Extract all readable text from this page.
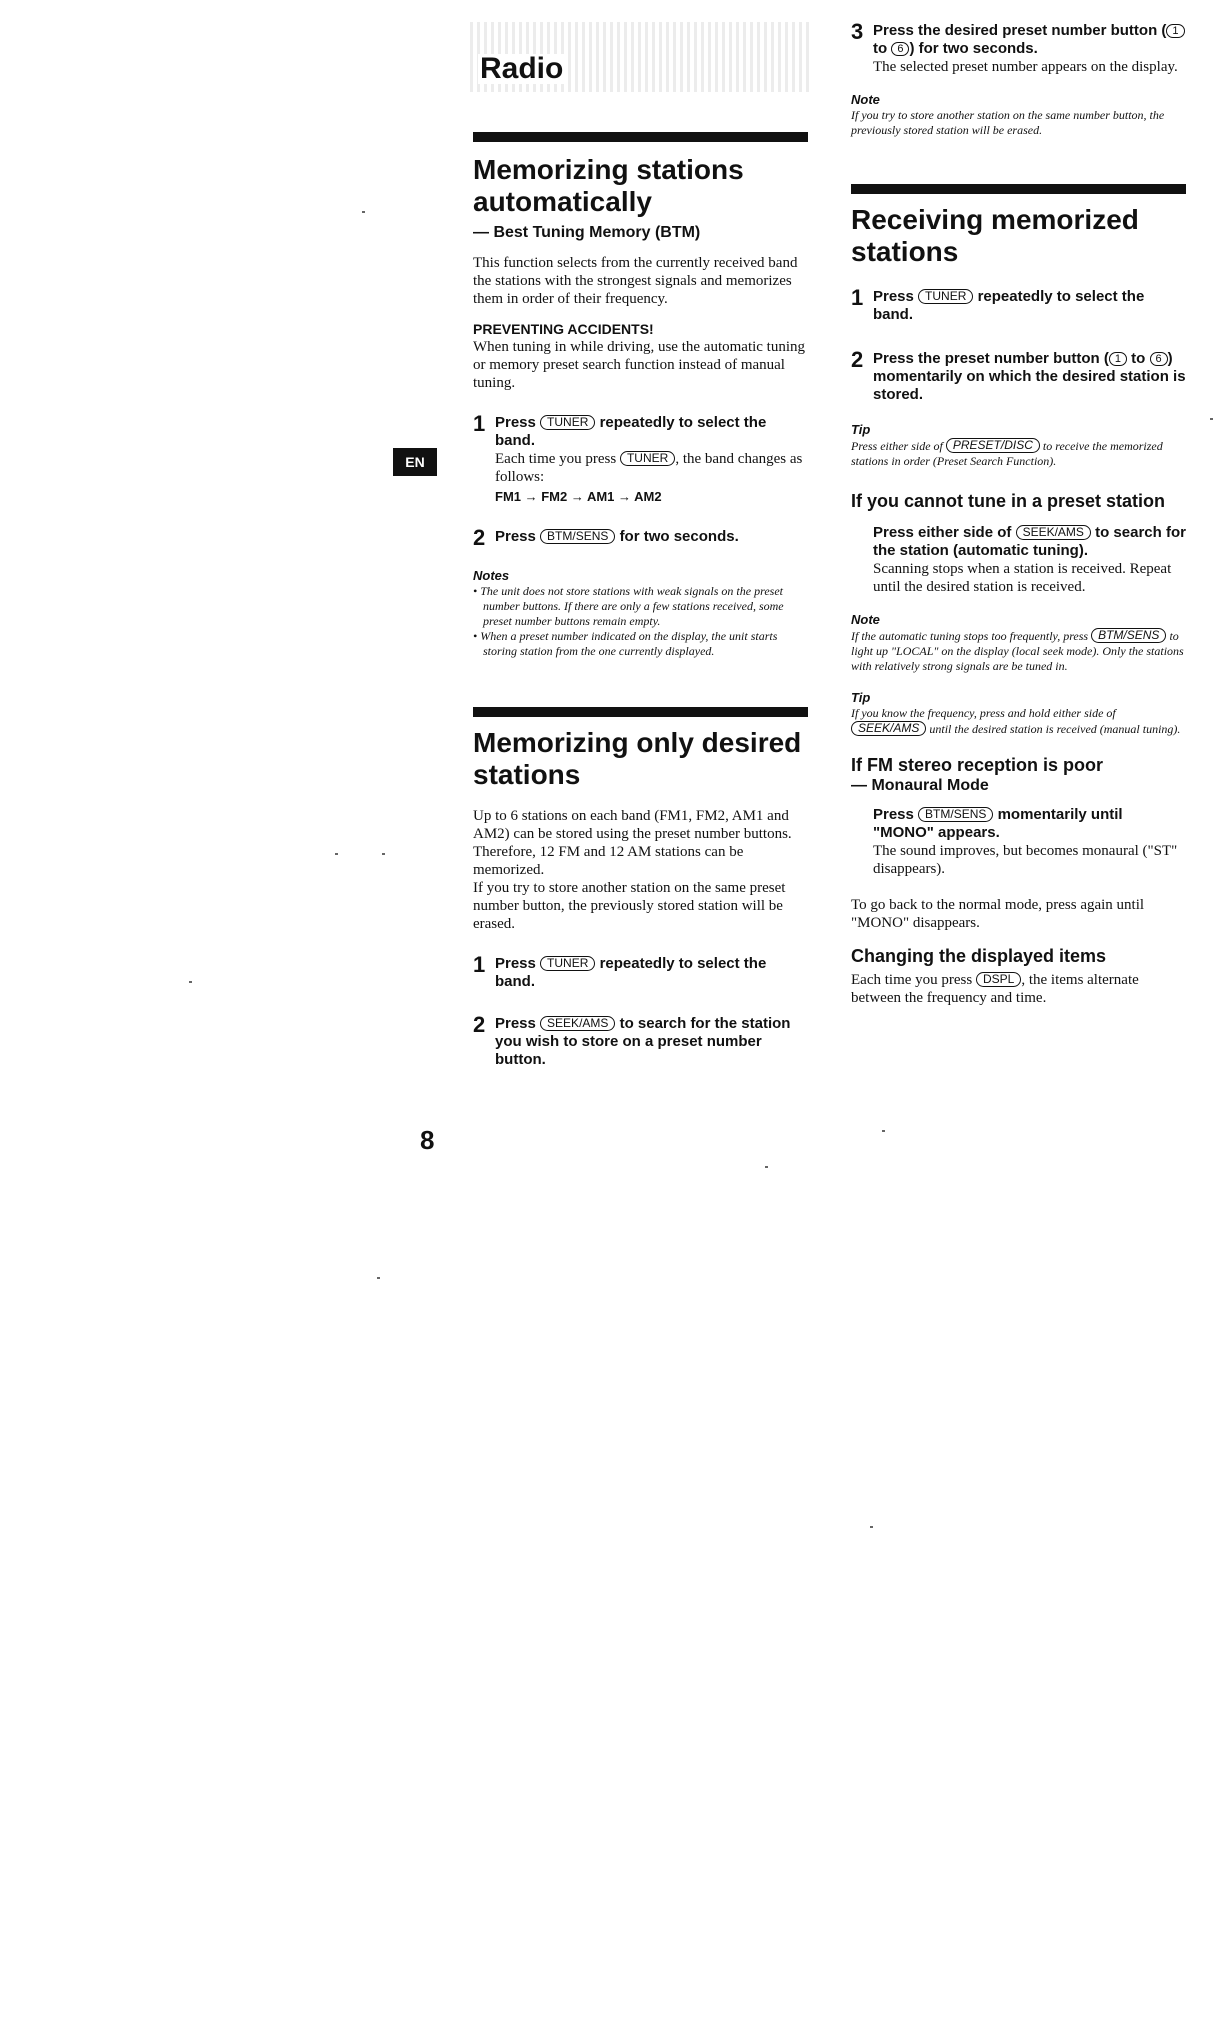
Radio
EN
Memorizing stations automatically
— Best Tuning Memory (BTM)
This function selects from the currently received band the stations with the strongest signals and memorizes them in order of their frequency.
PREVENTING ACCIDENTS!
When tuning in while driving, use the automatic tuning or memory preset search function instead of manual tuning.
1 Press TUNER repeatedly to select the band.
Each time you press TUNER , the band changes as follows:
FM1 → FM2 → AM1 → AM2
2 Press BTM/SENS for two seconds.
Notes
• The unit does not store stations with weak signals on the preset number buttons. If there are only a few stations received, some preset number buttons remain empty.
• When a preset number indicated on the display, the unit starts storing station from the one currently displayed.
Memorizing only desired stations
Up to 6 stations on each band (FM1, FM2, AM1 and AM2) can be stored using the preset number buttons. Therefore, 12 FM and 12 AM stations can be memorized.
If you try to store another station on the same preset number button, the previously stored station will be erased.
1 Press TUNER repeatedly to select the band.
2 Press SEEK/AMS to search for the station you wish to store on a preset number button.
3 Press the desired preset number button ( 1 to 6 ) for two seconds.
The selected preset number appears on the display.
Note
If you try to store another station on the same number button, the previously stored station will be erased.
Receiving memorized stations
1 Press TUNER repeatedly to select the band.
2 Press the preset number button ( 1 to 6 ) momentarily on which the desired station is stored.
Tip
Press either side of PRESET/DISC to receive the memorized stations in order (Preset Search Function).
If you cannot tune in a preset station
Press either side of SEEK/AMS to search for the station (automatic tuning).
Scanning stops when a station is received. Repeat until the desired station is received.
Note
If the automatic tuning stops too frequently, press BTM/SENS to light up "LOCAL" on the display (local seek mode). Only the stations with relatively strong signals are be tuned in.
Tip
If you know the frequency, press and hold either side of SEEK/AMS until the desired station is received (manual tuning).
If FM stereo reception is poor
— Monaural Mode
Press BTM/SENS momentarily until "MONO" appears.
The sound improves, but becomes monaural ("ST" disappears).
To go back to the normal mode, press again until "MONO" disappears.
Changing the displayed items
Each time you press DSPL , the items alternate between the frequency and time.
8
